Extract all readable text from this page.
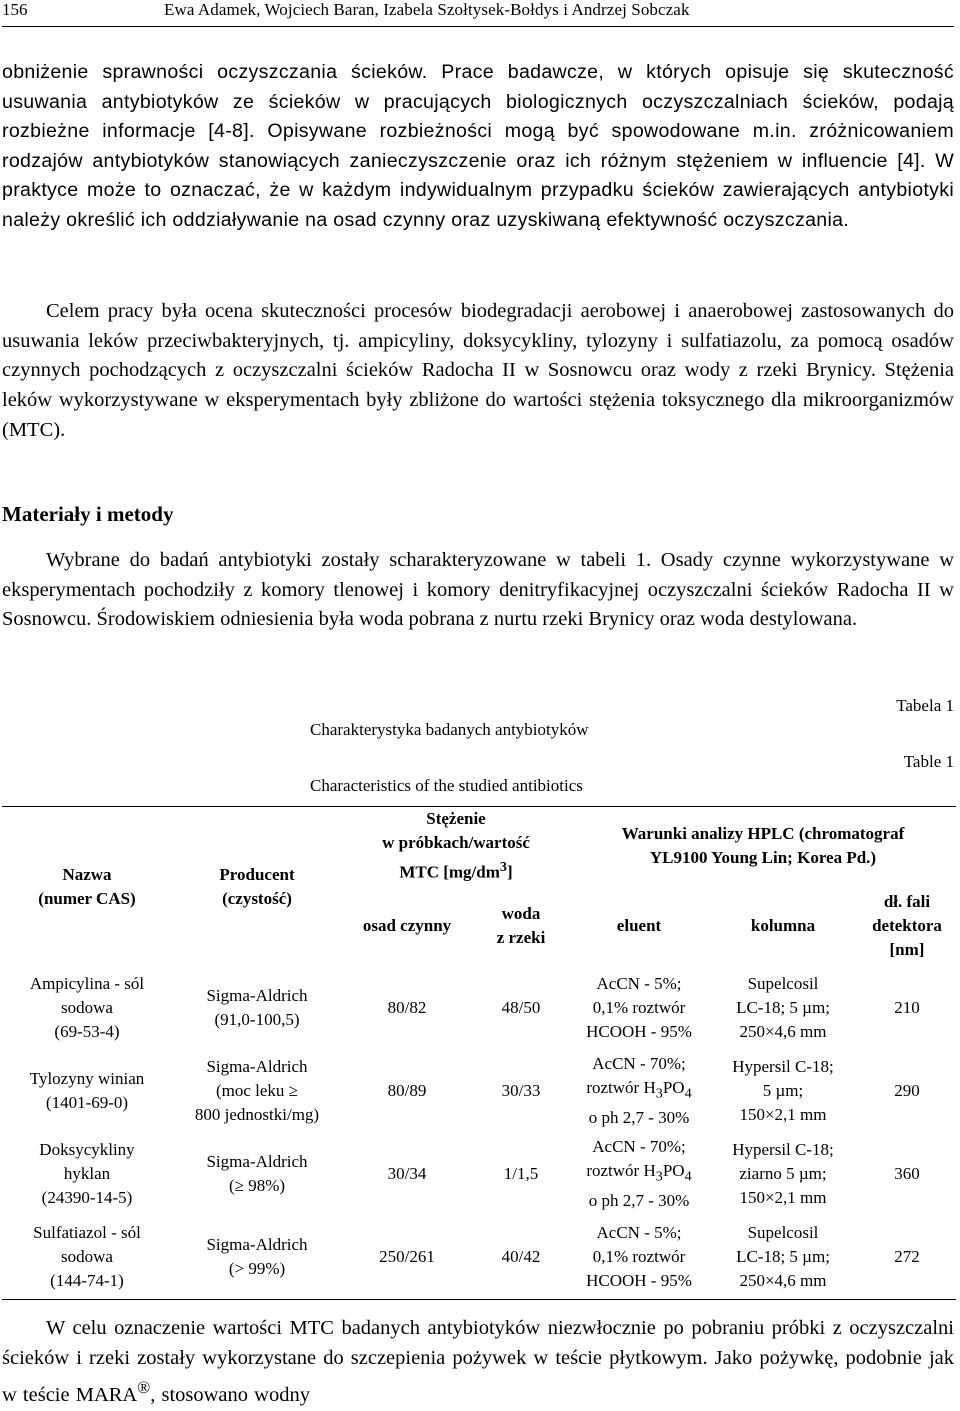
156	Ewa Adamek, Wojciech Baran, Izabela Szołtysek-Bołdys i Andrzej Sobczak

obniżenie sprawności oczyszczania ścieków. Prace badawcze, w których opisuje się skuteczność usuwania antybiotyków ze ścieków w pracujących biologicznych oczyszczalniach ścieków, podają rozbieżne informacje [4-8]. Opisywane rozbieżności mogą być spowodowane m.in. zróżnicowaniem rodzajów antybiotyków stanowiących zanieczyszczenie oraz ich różnym stężeniem w influencie [4]. W praktyce może to oznaczać, że w każdym indywidualnym przypadku ścieków zawierających antybiotyki należy określić ich oddziaływanie na osad czynny oraz uzyskiwaną efektywność oczyszczania.

Celem pracy była ocena skuteczności procesów biodegradacji aerobowej i anaerobowej zastosowanych do usuwania leków przeciwbakteryjnych, tj. ampicyliny, doksycykliny, tylozyny i sulfatiazolu, za pomocą osadów czynnych pochodzących z oczyszczalni ścieków Radocha II w Sosnowcu oraz wody z rzeki Brynicy. Stężenia leków wykorzystywane w eksperymentach były zbliżone do wartości stężenia toksycznego dla mikroorganizmów (MTC).

Materiały i metody

Wybrane do badań antybiotyki zostały scharakteryzowane w tabeli 1. Osady czynne wykorzystywane w eksperymentach pochodziły z komory tlenowej i komory denitryfikacyjnej oczyszczalni ścieków Radocha II w Sosnowcu. Środowiskiem odniesienia była woda pobrana z nurtu rzeki Brynicy oraz woda destylowana.

Tabela 1
Charakterystyka badanych antybiotyków
Table 1
Characteristics of the studied antibiotics
Nazwa
(numer CAS)	Producent
(czystość)	Stężenie
w próbkach/wartość
MTC $[mg/dm^3]$		Warunki analizy HPLC (chromatograf
YL9100 Young Lin; Korea Pd.)		
		osad czynny	woda
z rzeki	eluent	kolumna	dł. fali
detektora
[nm]
Ampicylina - sól
sodowa
(69-53-4)	Sigma-Aldrich
(91,0-100,5)	80/82	48/50	AcCN - 5%;
0,1% roztwór
HCOOH - 95%	Supelcosil
LC-18; 5 µm;
250×4,6 mm	210
Tylozyny winian
(1401-69-0)	Sigma-Aldrich
(moc leku ≥
800 jednostki/mg)	80/89	30/33	AcCN - 70%;
roztwór $H_3PO_4$
o ph 2,7 - 30%	Hypersil C-18;
5 µm;
150×2,1 mm	290
Doksycykliny
hyklan
(24390-14-5)	Sigma-Aldrich
(≥ 98%)	30/34	1/1,5	AcCN - 70%;
roztwór $H_3PO_4$
o ph 2,7 - 30%	Hypersil C-18;
ziarno 5 µm;
150×2,1 mm	360
Sulfatiazol - sól
sodowa
(144-74-1)	Sigma-Aldrich
(> 99%)	250/261	40/42	AcCN - 5%;
0,1% roztwór
HCOOH - 95%	Supelcosil
LC-18; 5 µm;
250×4,6 mm	272

W celu oznaczenie wartości MTC badanych antybiotyków niezwłocznie po pobraniu próbki z oczyszczalni ścieków i rzeki zostały wykorzystane do szczepienia pożywek w teście płytkowym. Jako pożywkę, podobnie jak w teście MARA®, stosowano wodny
